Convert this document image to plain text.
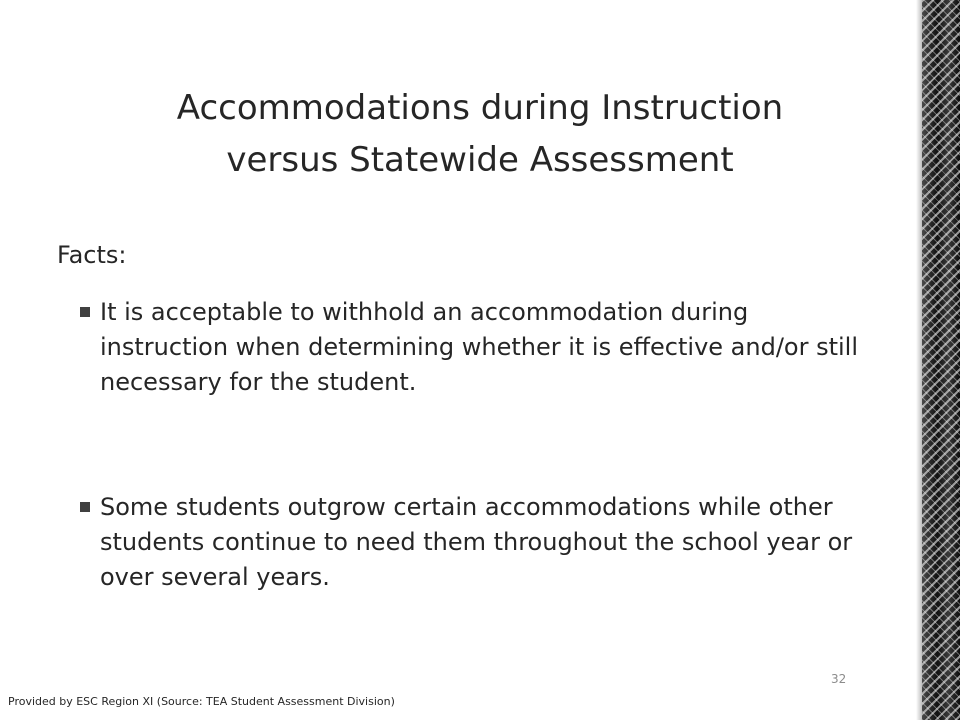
Accommodations during Instruction
versus Statewide Assessment
Facts:
It is acceptable to withhold an accommodation during instruction when determining whether it is effective and/or still necessary for the student.
Some students outgrow certain accommodations while other students continue to need them throughout the school year or over several years.
32
Provided by ESC Region XI (Source: TEA Student Assessment Division)
